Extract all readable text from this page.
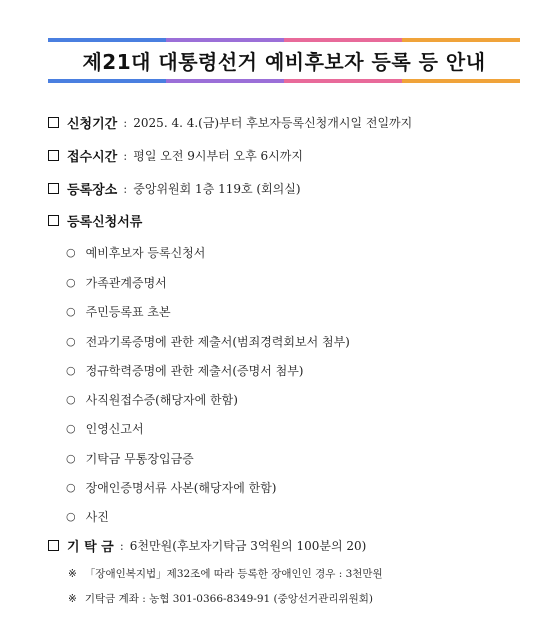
제21대 대통령선거 예비후보자 등록 등 안내
신청기간 : 2025. 4. 4.(금)부터 후보자등록신청개시일 전일까지
접수시간 : 평일 오전 9시부터 오후 6시까지
등록장소 : 중앙위원회 1층 119호 (회의실)
등록신청서류
○ 예비후보자 등록신청서
○ 가족관계증명서
○ 주민등록표 초본
○ 전과기록증명에 관한 제출서(범죄경력회보서 첨부)
○ 정규학력증명에 관한 제출서(증명서 첨부)
○ 사직원접수증(해당자에 한함)
○ 인영신고서
○ 기탁금 무통장입금증
○ 장애인증명서류 사본(해당자에 한함)
○ 사진
기 탁 금 : 6천만원(후보자기탁금 3억원의 100분의 20)
※ 「장애인복지법」제32조에 따라 등록한 장애인인 경우 : 3천만원
※ 기탁금 계좌 : 농협 301-0366-8349-91 (중앙선거관리위원회)
